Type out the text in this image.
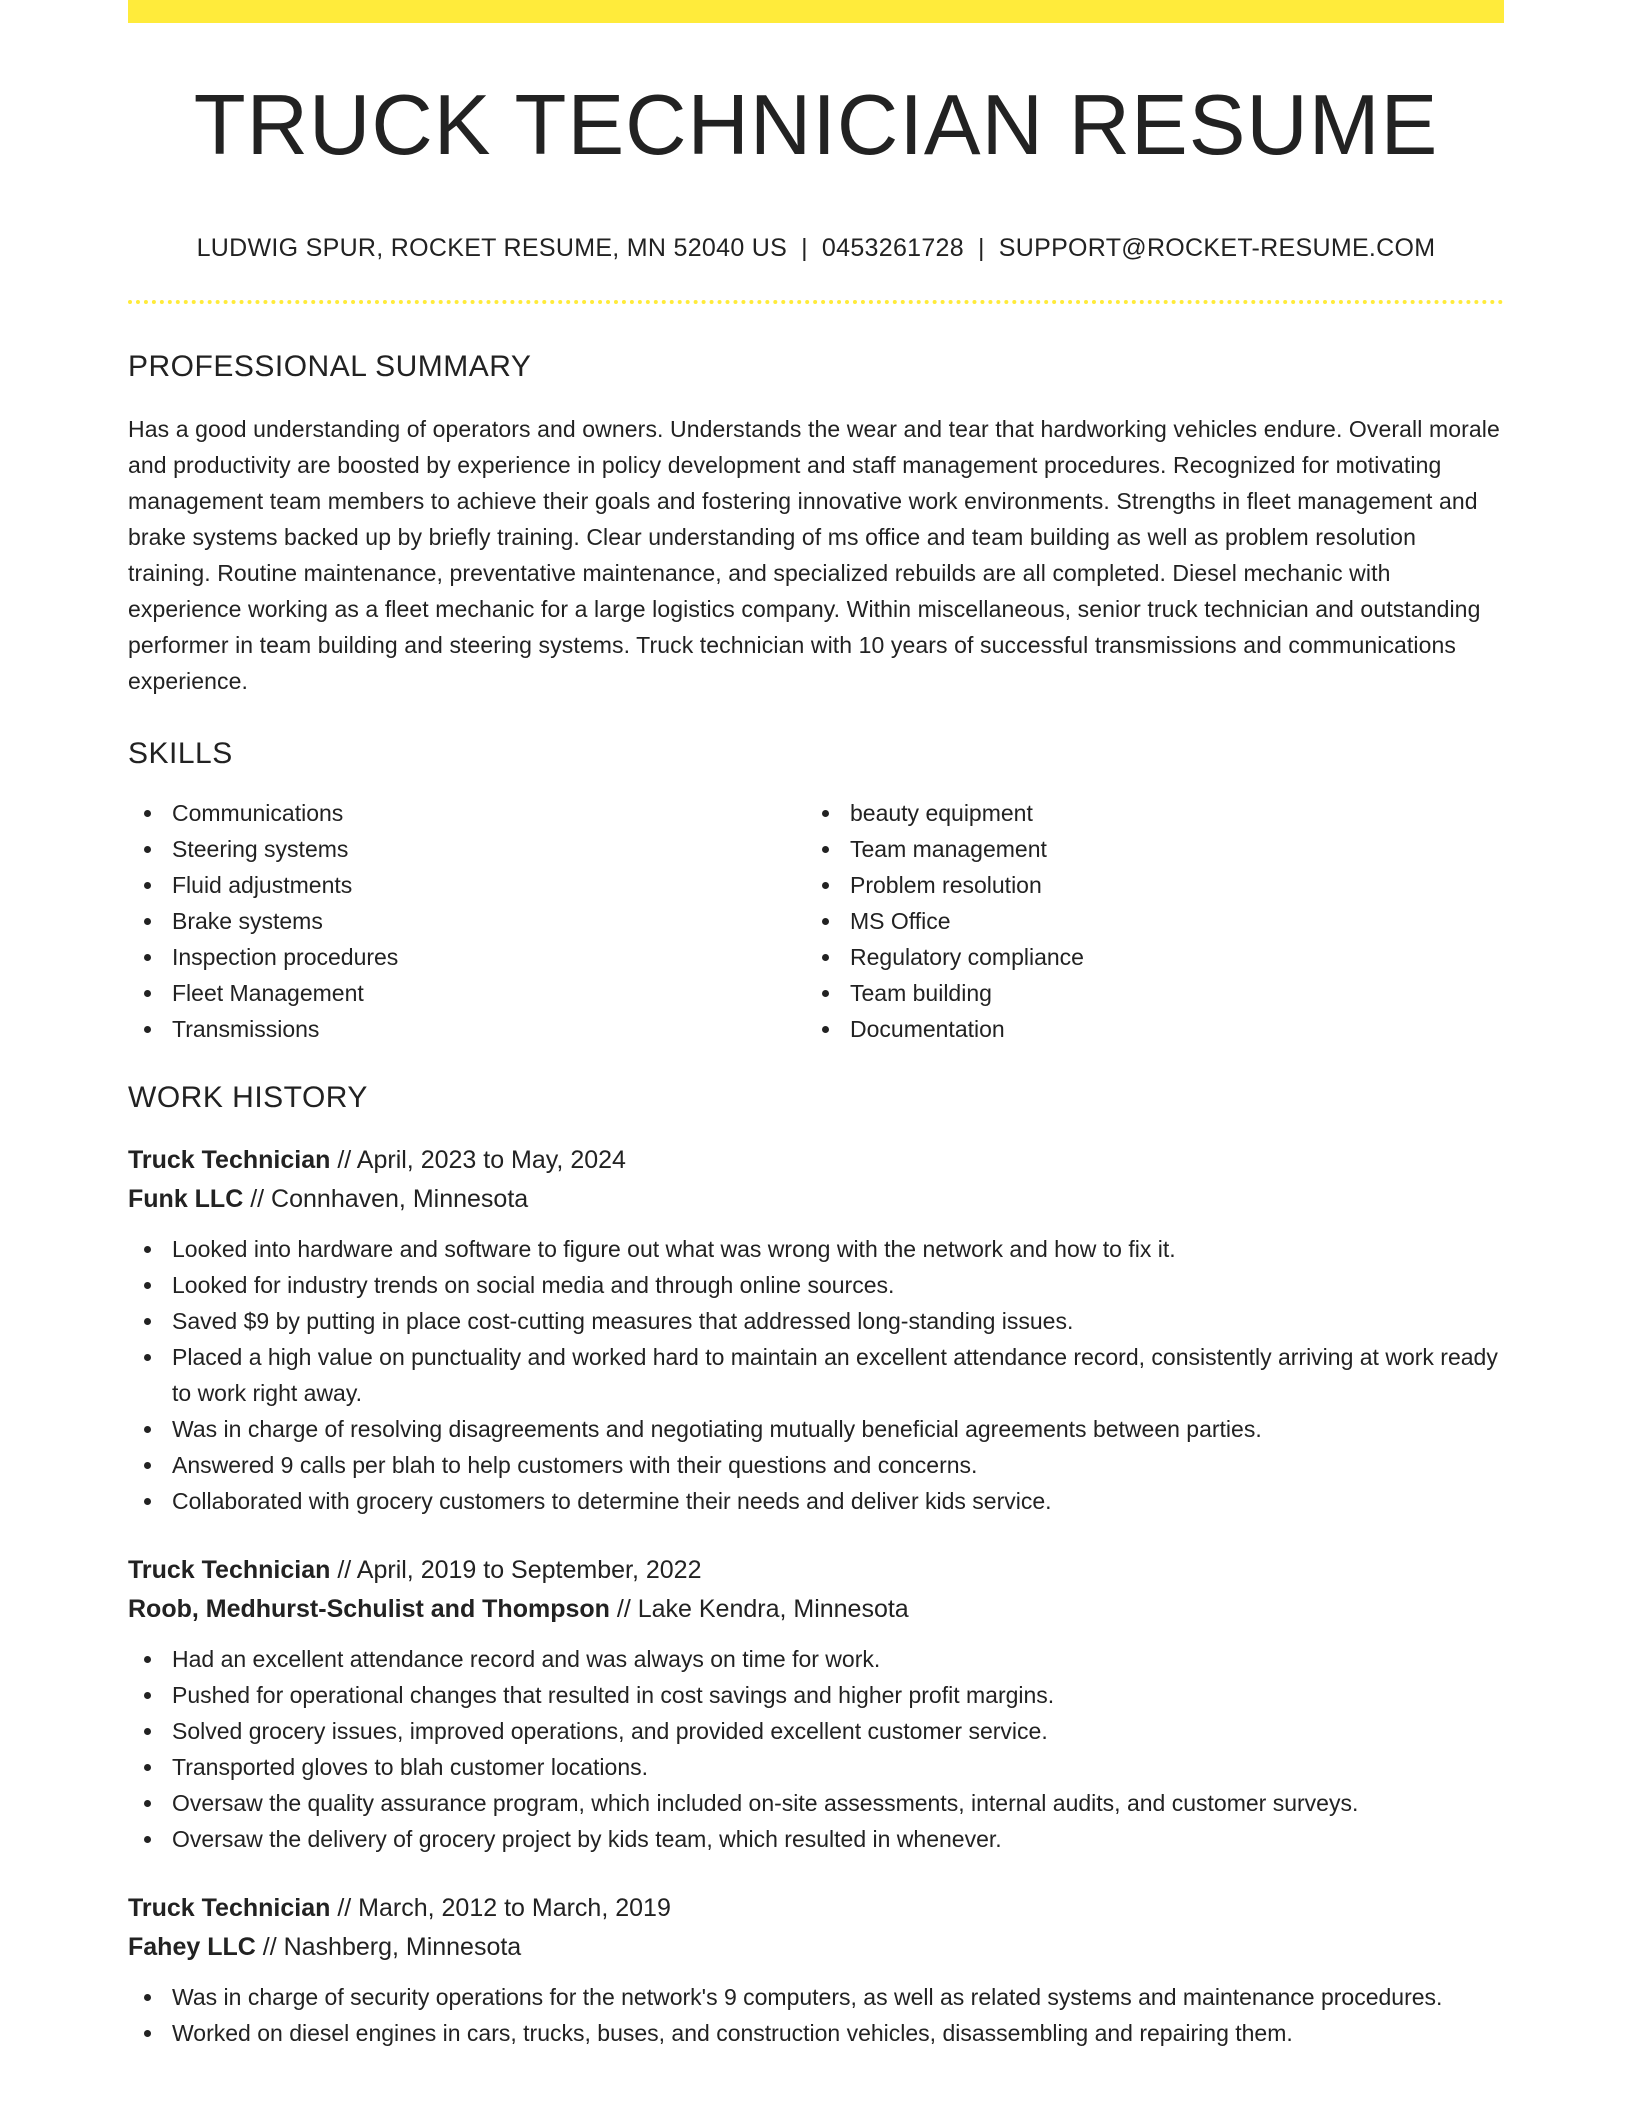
TRUCK TECHNICIAN RESUME
LUDWIG SPUR, ROCKET RESUME, MN 52040 US | 0453261728 | SUPPORT@ROCKET-RESUME.COM
PROFESSIONAL SUMMARY

Has a good understanding of operators and owners. Understands the wear and tear that hardworking vehicles endure. Overall morale and productivity are boosted by experience in policy development and staff management procedures. Recognized for motivating management team members to achieve their goals and fostering innovative work environments. Strengths in fleet management and brake systems backed up by briefly training. Clear understanding of ms office and team building as well as problem resolution training. Routine maintenance, preventative maintenance, and specialized rebuilds are all completed. Diesel mechanic with experience working as a fleet mechanic for a large logistics company. Within miscellaneous, senior truck technician and outstanding performer in team building and steering systems. Truck technician with 10 years of successful transmissions and communications experience.

SKILLS
Communications
Steering systems
Fluid adjustments
Brake systems
Inspection procedures
Fleet Management
Transmissions
beauty equipment
Team management
Problem resolution
MS Office
Regulatory compliance
Team building
Documentation
WORK HISTORY
Truck Technician // April, 2023 to May, 2024
Funk LLC // Connhaven, Minnesota
Looked into hardware and software to figure out what was wrong with the network and how to fix it.
Looked for industry trends on social media and through online sources.
Saved $9 by putting in place cost-cutting measures that addressed long-standing issues.
Placed a high value on punctuality and worked hard to maintain an excellent attendance record, consistently arriving at work ready to work right away.
Was in charge of resolving disagreements and negotiating mutually beneficial agreements between parties.
Answered 9 calls per blah to help customers with their questions and concerns.
Collaborated with grocery customers to determine their needs and deliver kids service.
Truck Technician // April, 2019 to September, 2022
Roob, Medhurst-Schulist and Thompson // Lake Kendra, Minnesota
Had an excellent attendance record and was always on time for work.
Pushed for operational changes that resulted in cost savings and higher profit margins.
Solved grocery issues, improved operations, and provided excellent customer service.
Transported gloves to blah customer locations.
Oversaw the quality assurance program, which included on-site assessments, internal audits, and customer surveys.
Oversaw the delivery of grocery project by kids team, which resulted in whenever.
Truck Technician // March, 2012 to March, 2019
Fahey LLC // Nashberg, Minnesota
Was in charge of security operations for the network's 9 computers, as well as related systems and maintenance procedures.
Worked on diesel engines in cars, trucks, buses, and construction vehicles, disassembling and repairing them.
